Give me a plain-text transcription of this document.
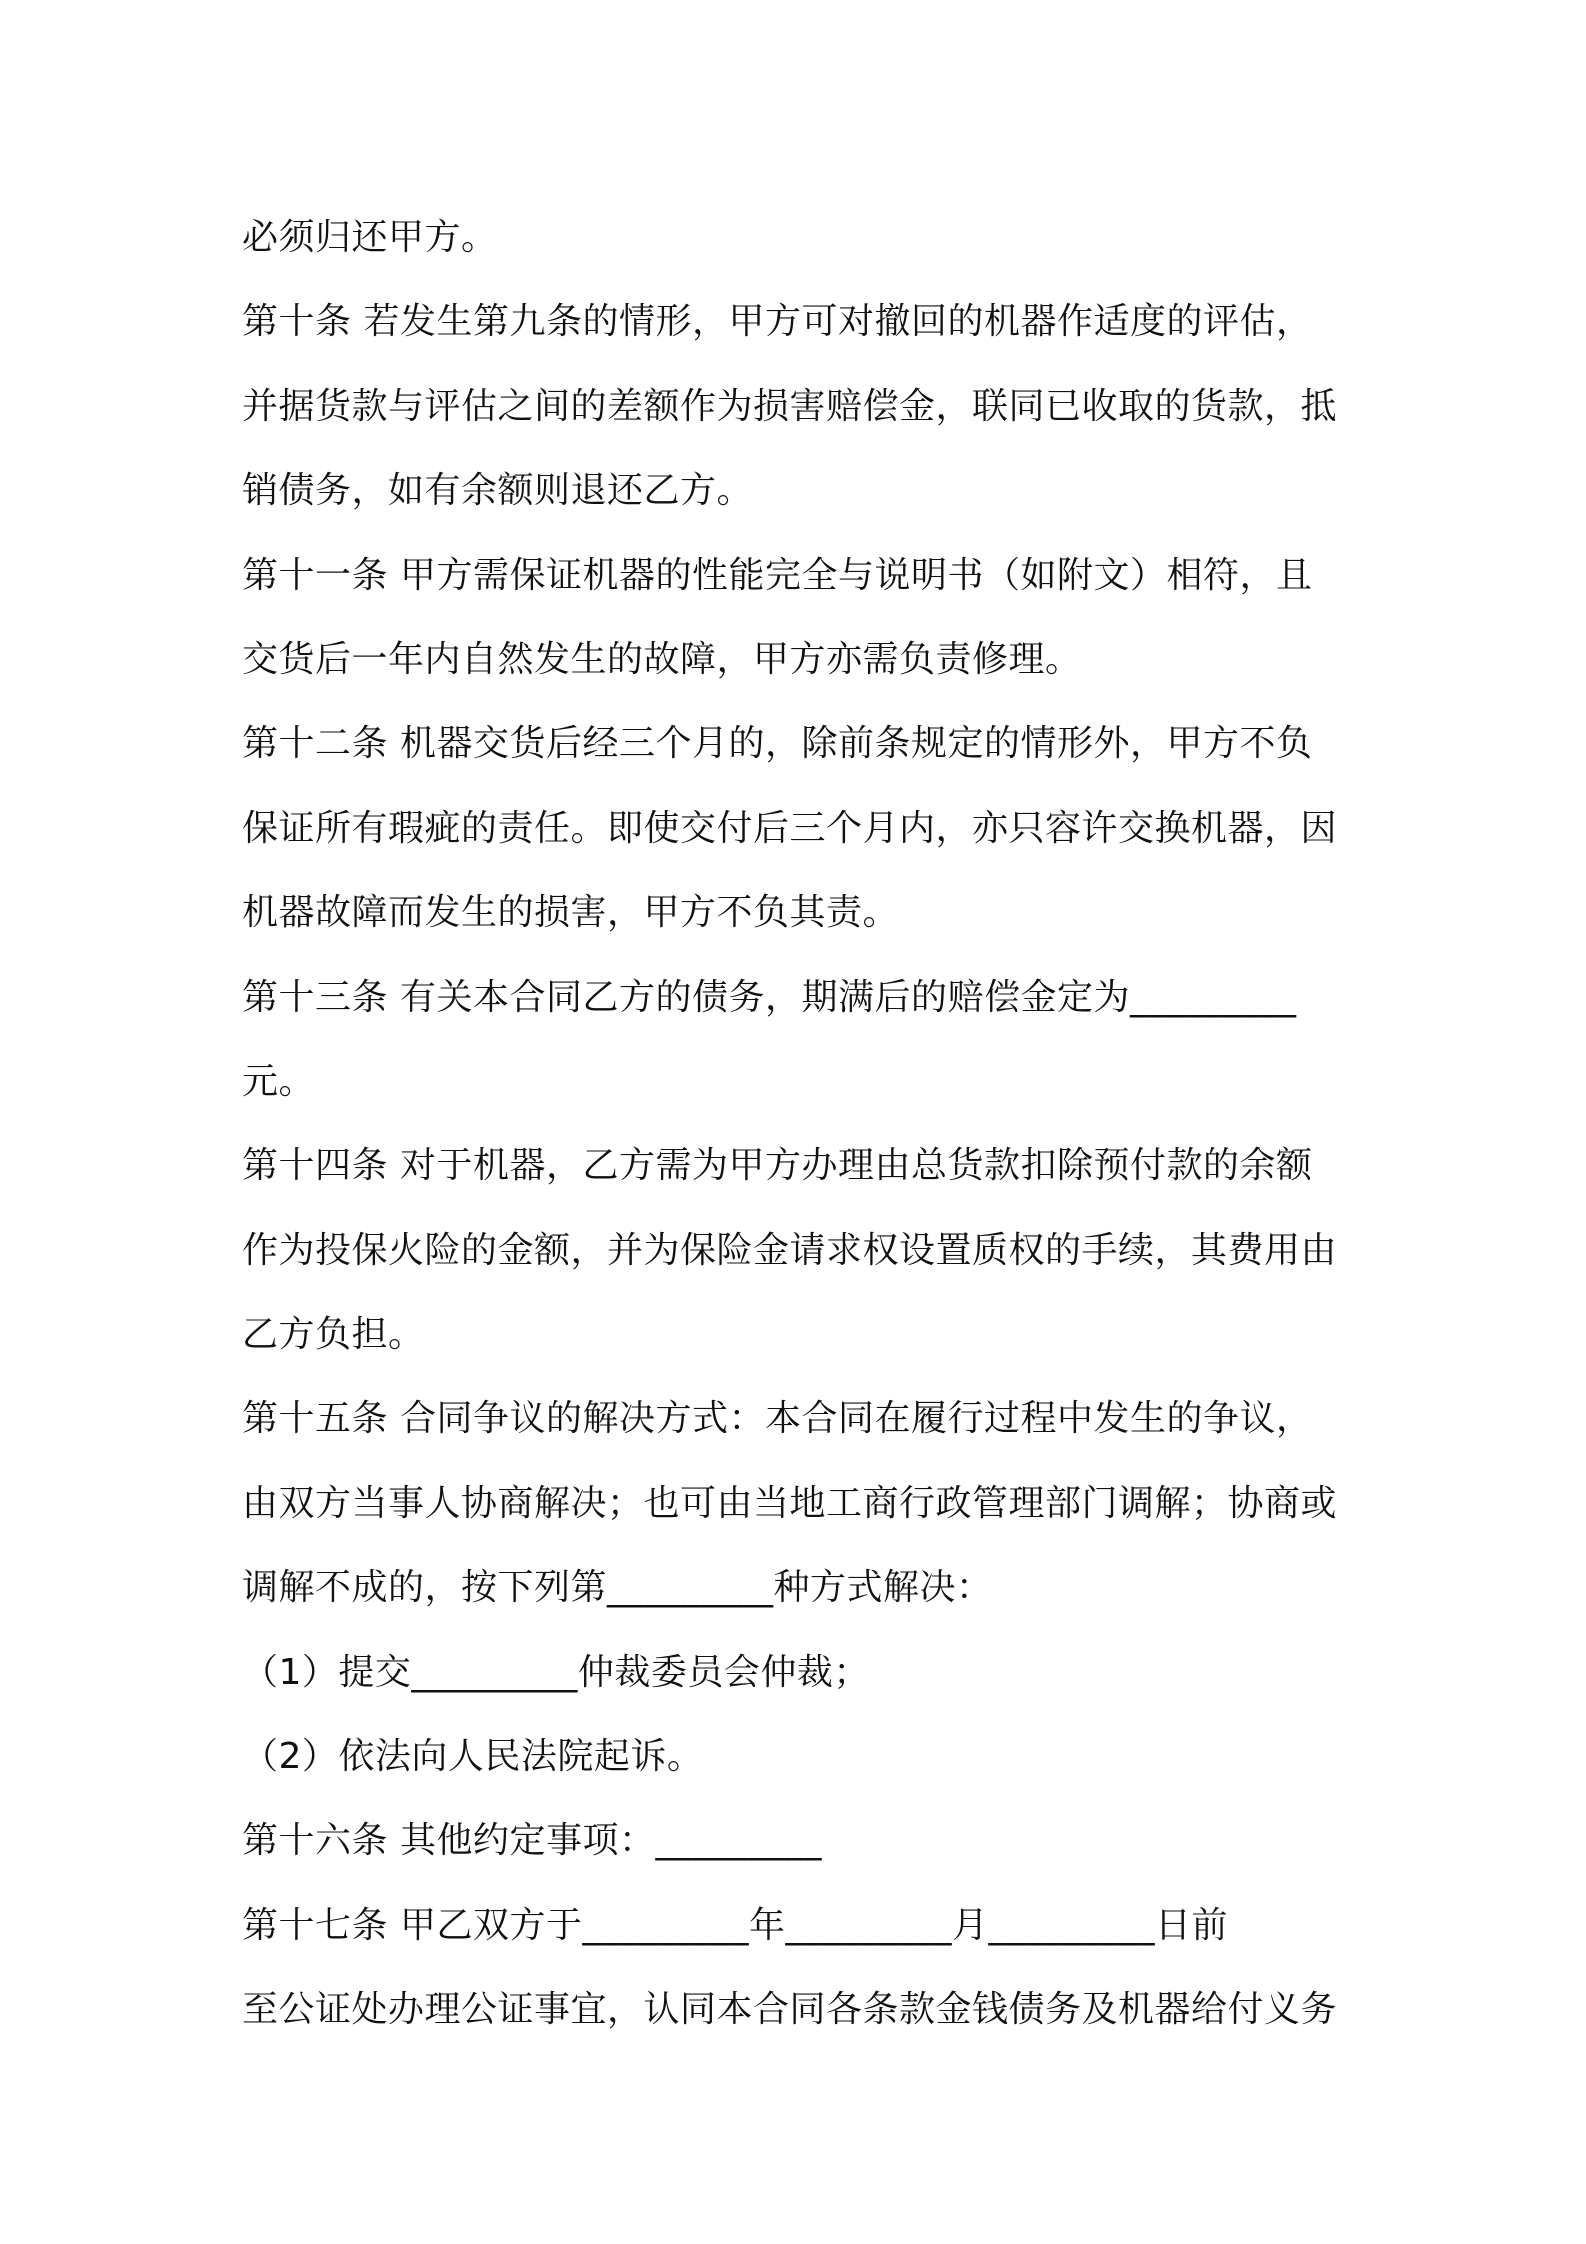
必须归还甲方。
第十条 若发生第九条的情形，甲方可对撤回的机器作适度的评估，
并据货款与评估之间的差额作为损害赔偿金，联同已收取的货款，抵
销债务，如有余额则退还乙方。
第十一条 甲方需保证机器的性能完全与说明书（如附文）相符，且
交货后一年内自然发生的故障，甲方亦需负责修理。
第十二条 机器交货后经三个月的，除前条规定的情形外，甲方不负
保证所有瑕疵的责任。即使交付后三个月内，亦只容许交换机器，因
机器故障而发生的损害，甲方不负其责。
第十三条 有关本合同乙方的债务，期满后的赔偿金定为_________
元。
第十四条 对于机器，乙方需为甲方办理由总货款扣除预付款的余额
作为投保火险的金额，并为保险金请求权设置质权的手续，其费用由
乙方负担。
第十五条 合同争议的解决方式：本合同在履行过程中发生的争议，
由双方当事人协商解决；也可由当地工商行政管理部门调解；协商或
调解不成的，按下列第_________种方式解决：
（1）提交_________仲裁委员会仲裁；
（2）依法向人民法院起诉。
第十六条 其他约定事项：_________
第十七条 甲乙双方于_________年_________月_________日前
至公证处办理公证事宜，认同本合同各条款金钱债务及机器给付义务
